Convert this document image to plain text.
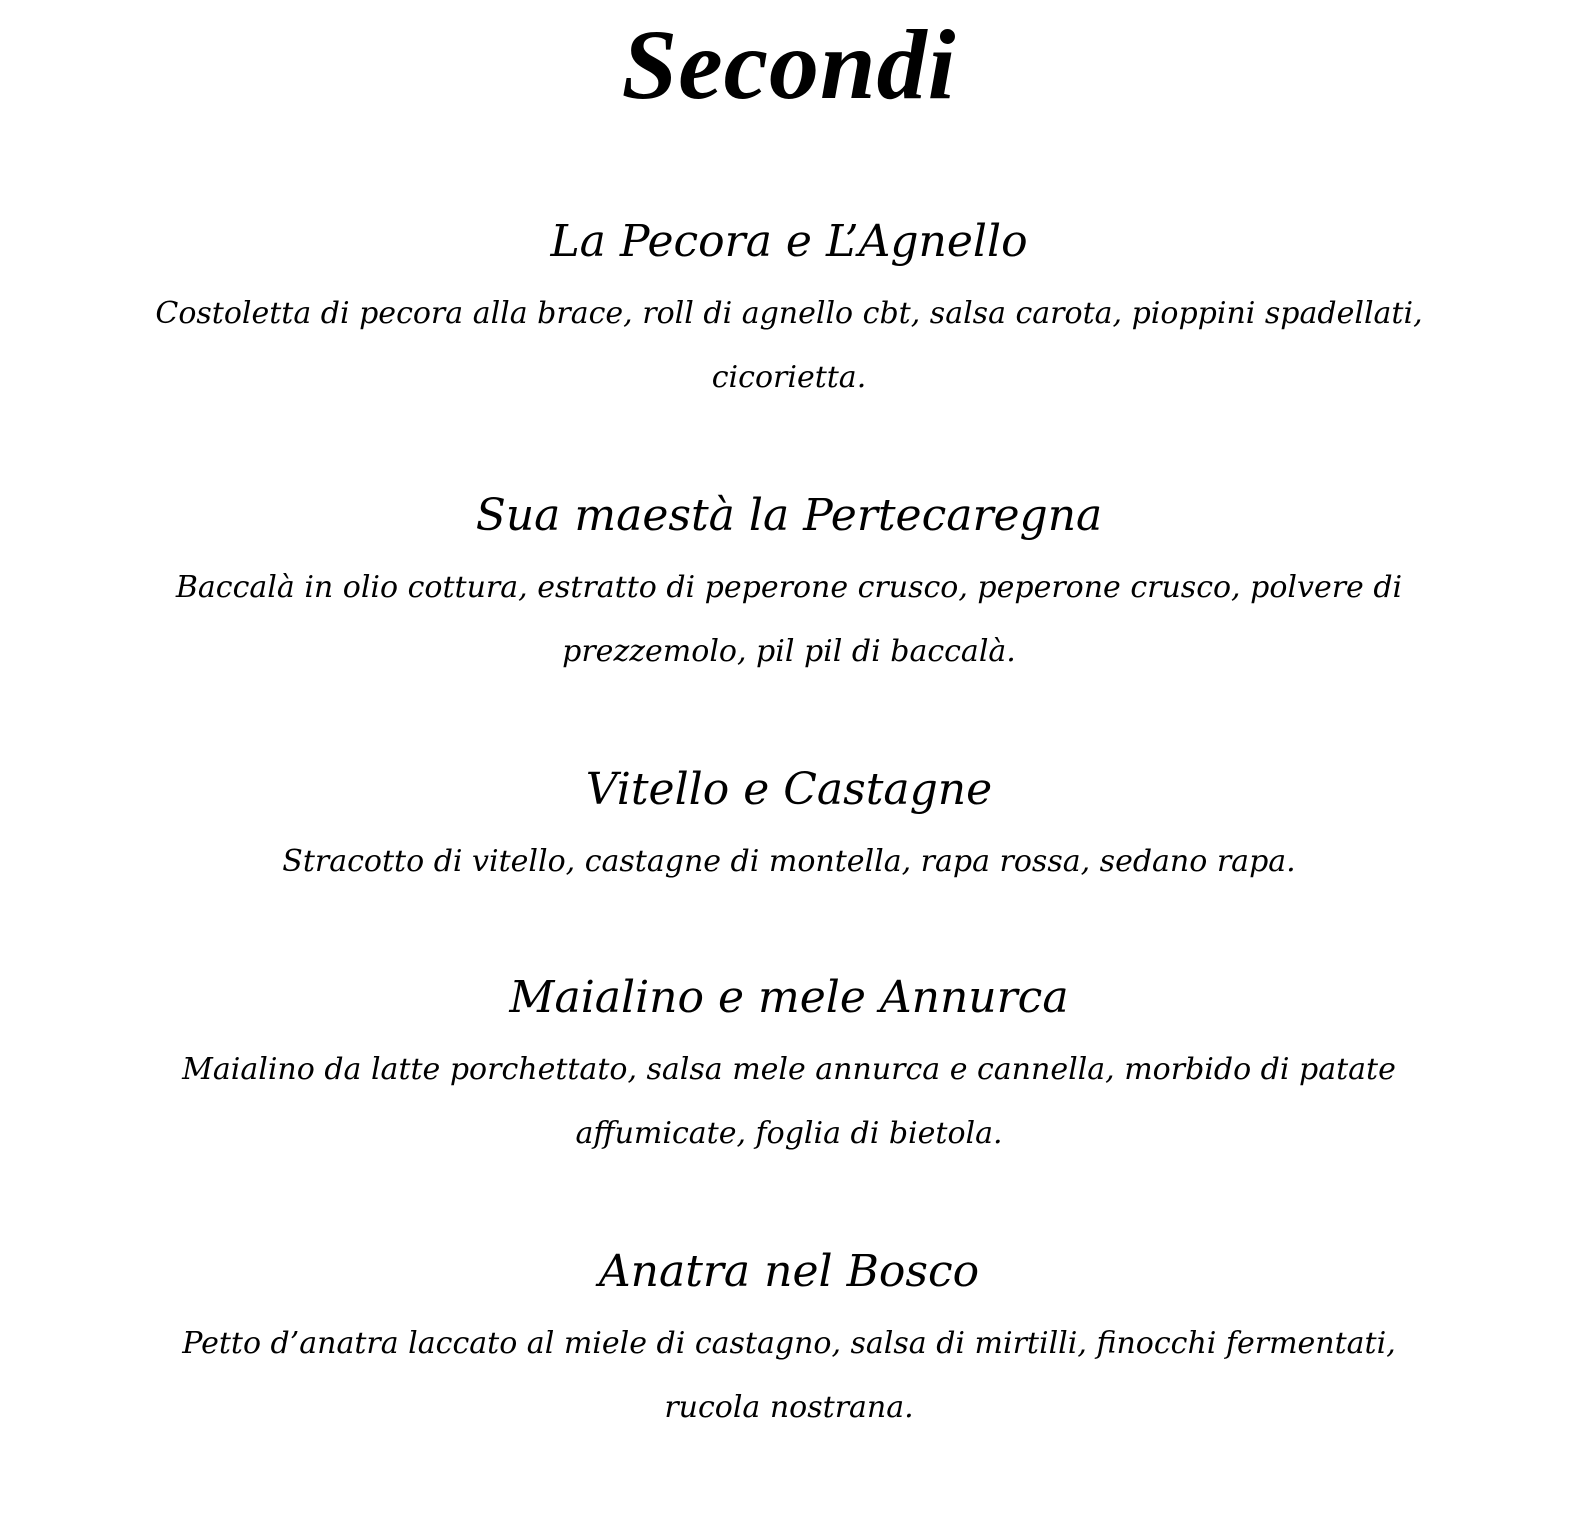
Secondi
La Pecora e L’Agnello
Costoletta di pecora alla brace, roll di agnello cbt, salsa carota, pioppini spadellati, cicorietta.
Sua maestà la Pertecaregna
Baccalà in olio cottura, estratto di peperone crusco, peperone crusco, polvere di prezzemolo, pil pil di baccalà.
Vitello e Castagne
Stracotto di vitello, castagne di montella, rapa rossa, sedano rapa.
Maialino e mele Annurca
Maialino da latte porchettato, salsa mele annurca e cannella, morbido di patate affumicate, foglia di bietola.
Anatra nel Bosco
Petto d’anatra laccato al miele di castagno, salsa di mirtilli, finocchi fermentati, rucola nostrana.
